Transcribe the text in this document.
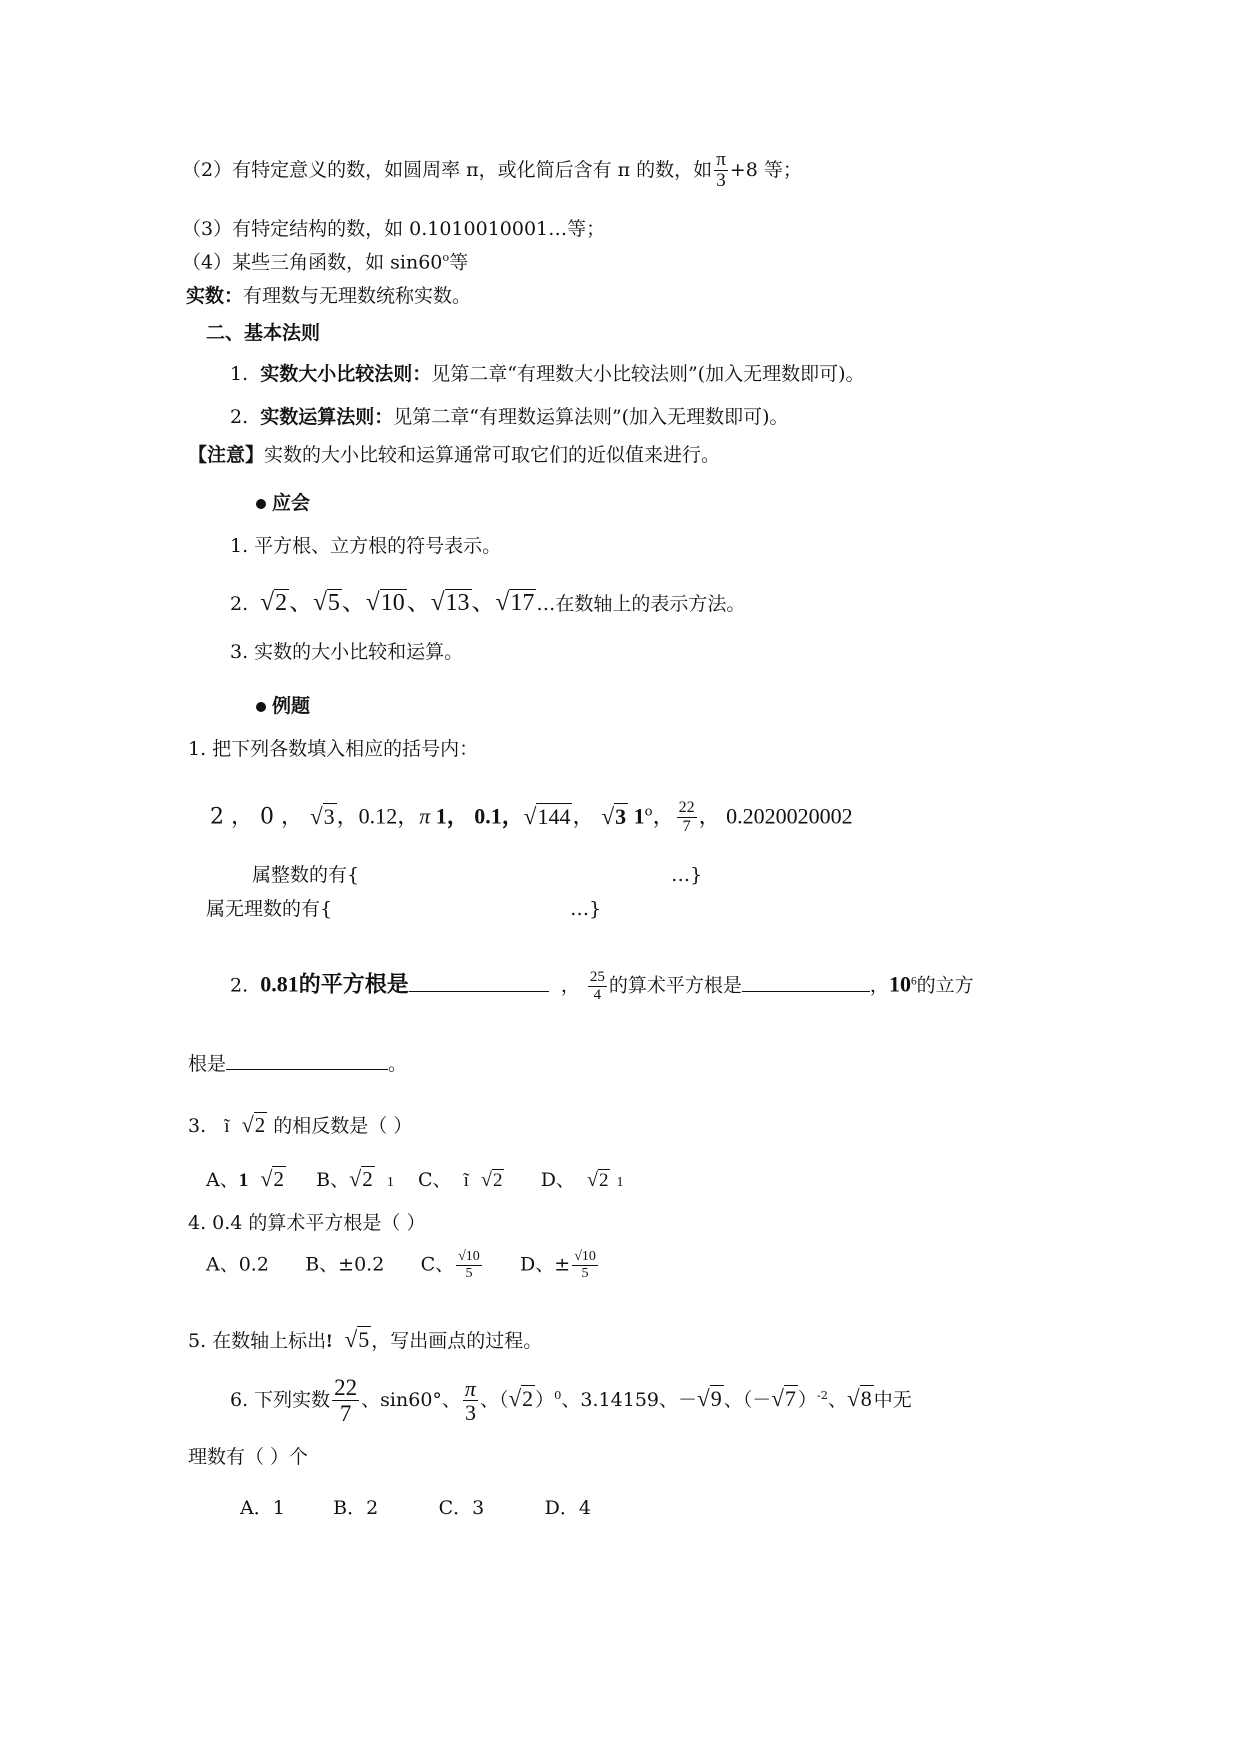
（2）有特定意义的数，如圆周率 π，或化简后含有 π 的数，如 $\frac{\pi}{3} +8$ 等；
（3）有特定结构的数，如 0.1010010001…等；
（4）某些三角函数，如 sin60$^o$等
实数：有理数与无理数统称实数。
二、基本法则
1. 实数大小比较法则：见第二章“有理数大小比较法则”(加入无理数即可)。
2. 实数运算法则：见第二章“有理数运算法则”(加入无理数即可)。
【注意】实数的大小比较和运算通常可取它们的近似值来进行。
应会
1. 平方根、立方根的符号表示。
2. √2、√5、√10、√13、√17 …在数轴上的表示方法。
3. 实数的大小比较和运算。
例题
1. 把下列各数填入相应的括号内：
2 ， 0 ， √3，0.12，π 1， 0.1，√144， √3 1$^o$， $\frac{22}{7}$ ， 0.2020020002
属整数的有{	…}
属无理数的有{	…}
2. 0.81的平方根是	， $\frac{25}{4}$ 的算术平方根是	，$10^6$的立方
根是	。
3. ĩ √2 的相反数是（ ）
A、1 √2 B、√2 1 C、 ĩ √2 D、 √2 1
4. 0.4 的算术平方根是（ ）
A、0.2 B、±0.2 C、 $\frac{√10}{5}$ D、± $\frac{√10}{5}$
5. 在数轴上标出! √5 ，写出画点的过程。
6. 下列实数 $\frac{22}{7}$ 、sin60°、 $\frac{\pi}{3}$ 、（√2 ）$^0$、3.14159、－√9 、（－√7 ）$^{-2}$、√8 中无
理数有（ ）个
A．1        B．2          C．3          D．4
